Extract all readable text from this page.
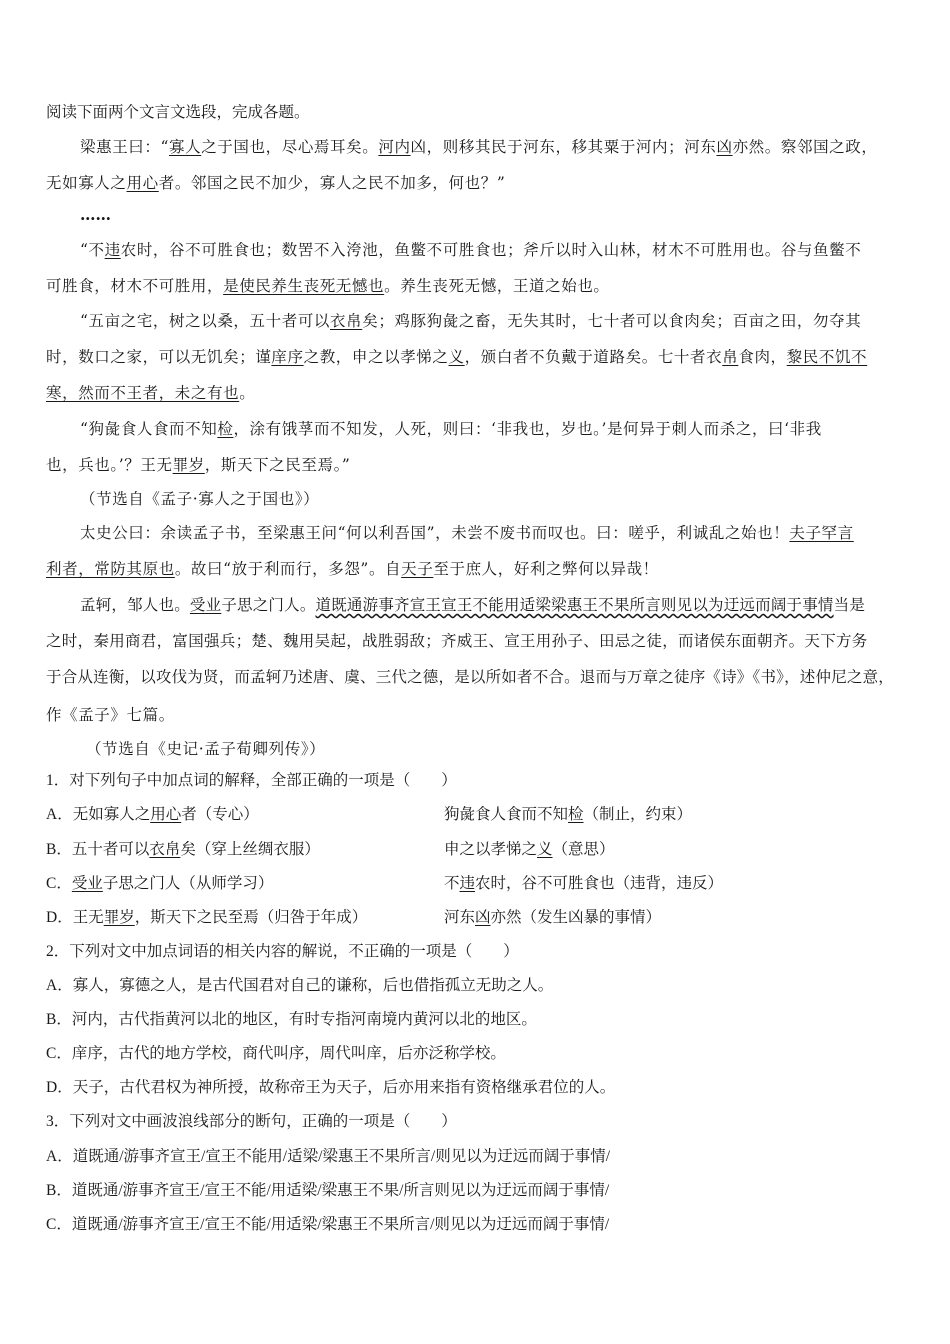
阅读下面两个文言文选段，完成各题。
梁惠王曰：“寡人之于国也，尽心焉耳矣。河内凶，则移其民于河东，移其粟于河内；河东凶亦然。察邻国之政，
无如寡人之用心者。邻国之民不加少，寡人之民不加多，何也？”
……
“不违农时，谷不可胜食也；数罟不入洿池，鱼鳖不可胜食也；斧斤以时入山林，材木不可胜用也。谷与鱼鳖不
可胜食，材木不可胜用，是使民养生丧死无憾也。养生丧死无憾，王道之始也。
“五亩之宅，树之以桑，五十者可以衣帛矣；鸡豚狗彘之畜，无失其时，七十者可以食肉矣；百亩之田，勿夺其
时，数口之家，可以无饥矣；谨庠序之教，申之以孝悌之义，颁白者不负戴于道路矣。七十者衣帛食肉，黎民不饥不
寒，然而不王者，未之有也。
“狗彘食人食而不知检，涂有饿莩而不知发，人死，则曰：‘非我也，岁也。’是何异于刺人而杀之，曰‘非我
也，兵也。’？王无罪岁，斯天下之民至焉。”
（节选自《孟子·寡人之于国也》）
太史公曰：余读孟子书，至梁惠王问“何以利吾国”，未尝不废书而叹也。曰：嗟乎，利诚乱之始也！夫子罕言
利者，常防其原也。故曰“放于利而行，多怨”。自天子至于庶人，好利之弊何以异哉！
孟轲，邹人也。受业子思之门人。道既通游事齐宣王宣王不能用适梁梁惠王不果所言则见以为迂远而阔于事情当是
之时，秦用商君，富国强兵；楚、魏用吴起，战胜弱敌；齐威王、宣王用孙子、田忌之徒，而诸侯东面朝齐。天下方务
于合从连衡，以攻伐为贤，而孟轲乃述唐、虞、三代之德，是以所如者不合。退而与万章之徒序《诗》《书》，述仲尼之意，
作《孟子》七篇。
（节选自《史记·孟子荀卿列传》）
1．对下列句子中加点词的解释，全部正确的一项是（　　）
A．无如寡人之用心者（专心）	狗彘食人食而不知检（制止，约束）
B．五十者可以衣帛矣（穿上丝绸衣服）	申之以孝悌之义（意思）
C．受业子思之门人（从师学习）	不违农时，谷不可胜食也（违背，违反）
D．王无罪岁，斯天下之民至焉（归咎于年成）	河东凶亦然（发生凶暴的事情）
2．下列对文中加点词语的相关内容的解说，不正确的一项是（　　）
A．寡人，寡德之人，是古代国君对自己的谦称，后也借指孤立无助之人。
B．河内，古代指黄河以北的地区，有时专指河南境内黄河以北的地区。
C．庠序，古代的地方学校，商代叫序，周代叫庠，后亦泛称学校。
D．天子，古代君权为神所授，故称帝王为天子，后亦用来指有资格继承君位的人。
3．下列对文中画波浪线部分的断句，正确的一项是（　　）
A．道既通/游事齐宣王/宣王不能用/适梁/梁惠王不果所言/则见以为迂远而阔于事情/
B．道既通/游事齐宣王/宣王不能/用适梁/梁惠王不果/所言则见以为迂远而阔于事情/
C．道既通/游事齐宣王/宣王不能/用适梁/梁惠王不果所言/则见以为迂远而阔于事情/
